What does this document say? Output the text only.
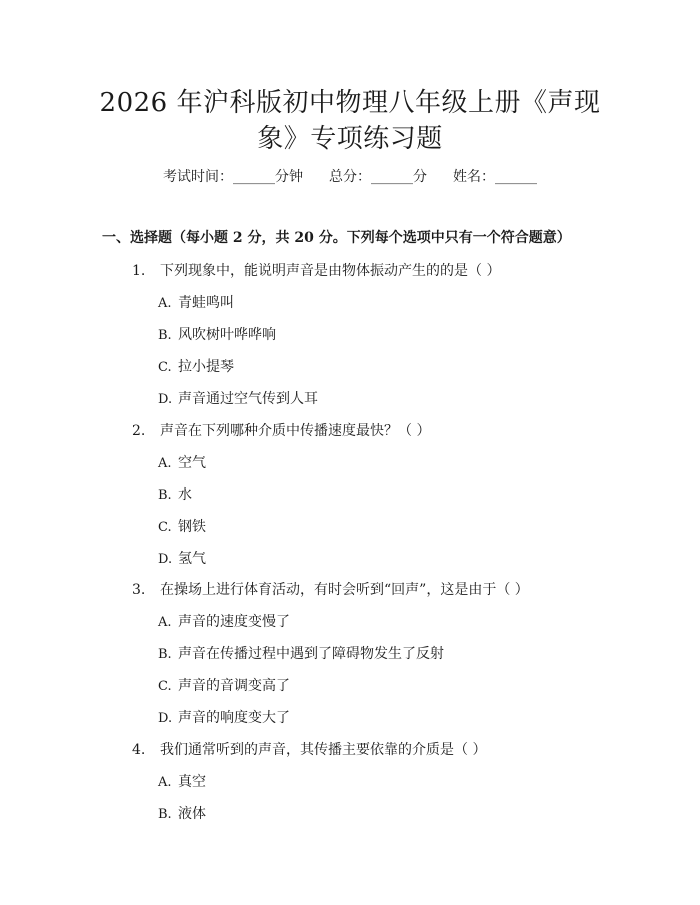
2026 年沪科版初中物理八年级上册《声现
象》专项练习题
考试时间：______分钟 总分：______分 姓名：______
一、选择题（每小题 2 分，共 20 分。下列每个选项中只有一个符合题意）
1. 下列现象中，能说明声音是由物体振动产生的的是（ ）
A. 青蛙鸣叫
B. 风吹树叶哗哗响
C. 拉小提琴
D. 声音通过空气传到人耳
2. 声音在下列哪种介质中传播速度最快？（ ）
A. 空气
B. 水
C. 钢铁
D. 氢气
3. 在操场上进行体育活动，有时会听到“回声”，这是由于（ ）
A. 声音的速度变慢了
B. 声音在传播过程中遇到了障碍物发生了反射
C. 声音的音调变高了
D. 声音的响度变大了
4. 我们通常听到的声音，其传播主要依靠的介质是（ ）
A. 真空
B. 液体
